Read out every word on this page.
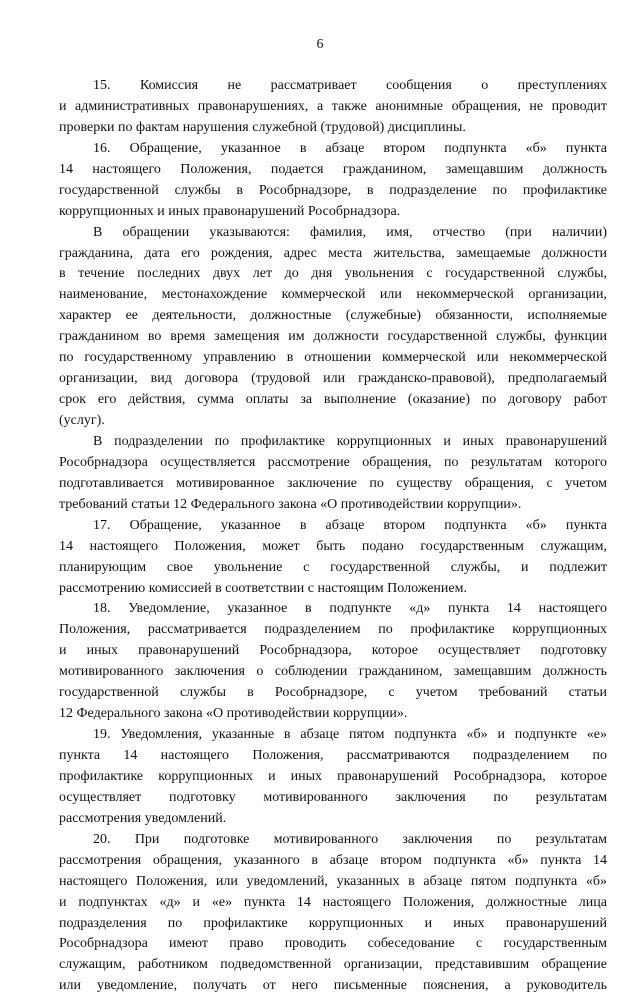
6
15. Комиссия не рассматривает сообщения о преступлениях
и административных правонарушениях, а также анонимные обращения, не проводит
проверки по фактам нарушения служебной (трудовой) дисциплины.
16. Обращение, указанное в абзаце втором подпункта «б» пункта
14 настоящего Положения, подается гражданином, замещавшим должность
государственной службы в Рособрнадзоре, в подразделение по профилактике
коррупционных и иных правонарушений Рособрнадзора.
В обращении указываются: фамилия, имя, отчество (при наличии)
гражданина, дата его рождения, адрес места жительства, замещаемые должности
в течение последних двух лет до дня увольнения с государственной службы,
наименование, местонахождение коммерческой или некоммерческой организации,
характер ее деятельности, должностные (служебные) обязанности, исполняемые
гражданином во время замещения им должности государственной службы, функции
по государственному управлению в отношении коммерческой или некоммерческой
организации, вид договора (трудовой или гражданско-правовой), предполагаемый
срок его действия, сумма оплаты за выполнение (оказание) по договору работ
(услуг).
В подразделении по профилактике коррупционных и иных правонарушений
Рособрнадзора осуществляется рассмотрение обращения, по результатам которого
подготавливается мотивированное заключение по существу обращения, с учетом
требований статьи 12 Федерального закона «О противодействии коррупции».
17. Обращение, указанное в абзаце втором подпункта «б» пункта
14 настоящего Положения, может быть подано государственным служащим,
планирующим свое увольнение с государственной службы, и подлежит
рассмотрению комиссией в соответствии с настоящим Положением.
18. Уведомление, указанное в подпункте «д» пункта 14 настоящего
Положения, рассматривается подразделением по профилактике коррупционных
и иных правонарушений Рособрнадзора, которое осуществляет подготовку
мотивированного заключения о соблюдении гражданином, замещавшим должность
государственной службы в Рособрнадзоре, с учетом требований статьи
12 Федерального закона «О противодействии коррупции».
19. Уведомления, указанные в абзаце пятом подпункта «б» и подпункте «е»
пункта 14 настоящего Положения, рассматриваются подразделением по
профилактике коррупционных и иных правонарушений Рособрнадзора, которое
осуществляет подготовку мотивированного заключения по результатам
рассмотрения уведомлений.
20. При подготовке мотивированного заключения по результатам
рассмотрения обращения, указанного в абзаце втором подпункта «б» пункта 14
настоящего Положения, или уведомлений, указанных в абзаце пятом подпункта «б»
и подпунктах «д» и «е» пункта 14 настоящего Положения, должностные лица
подразделения по профилактике коррупционных и иных правонарушений
Рособрнадзора имеют право проводить собеседование с государственным
служащим, работником подведомственной организации, представившим обращение
или уведомление, получать от него письменные пояснения, а руководитель
